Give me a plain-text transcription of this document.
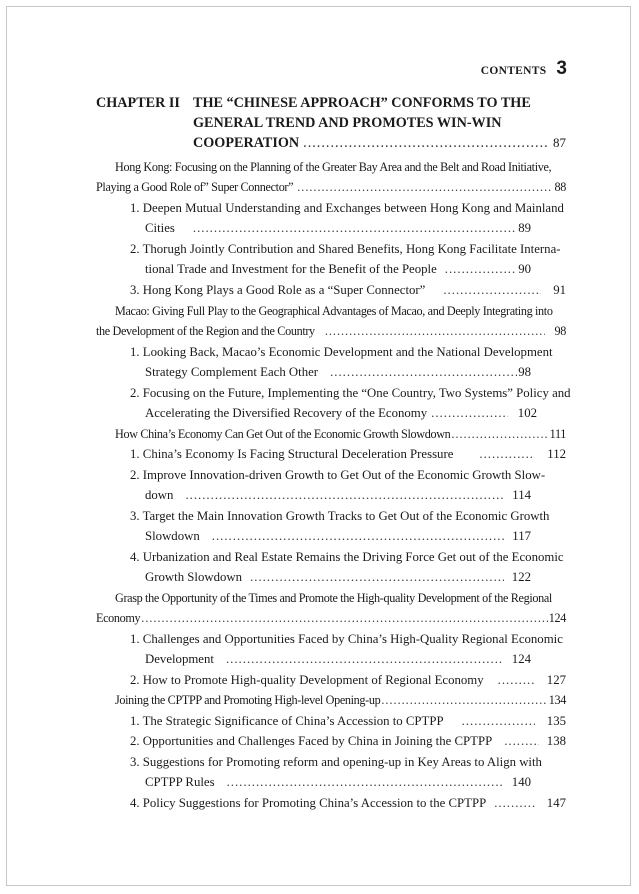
CONTENTS 3
CHAPTER II THE “CHINESE APPROACH” CONFORMS TO THE
GENERAL TREND AND PROMOTES WIN-WIN
COOPERATION .....	87
Hong Kong: Focusing on the Planning of the Greater Bay Area and the Belt and Road Initiative,
Playing a Good Role of” Super Connector” .....	88
1. Deepen Mutual Understanding and Exchanges between Hong Kong and Mainland
Cities .....	89
2. Thorugh Jointly Contribution and Shared Benefits, Hong Kong Facilitate Interna-
tional Trade and Investment for the Benefit of the People .....	90
3. Hong Kong Plays a Good Role as a “Super Connector” .....	91
Macao: Giving Full Play to the Geographical Advantages of Macao, and Deeply Integrating into
the Development of the Region and the Country .....	98
1. Looking Back, Macao’s Economic Development and the National Development
Strategy Complement Each Other .....	98
2. Focusing on the Future, Implementing the “One Country, Two Systems” Policy and
Accelerating the Diversified Recovery of the Economy .....	102
How China’s Economy Can Get Out of the Economic Growth Slowdown .....	111
1. China’s Economy Is Facing Structural Deceleration Pressure .....	112
2. Improve Innovation-driven Growth to Get Out of the Economic Growth Slow-
down .....	114
3. Target the Main Innovation Growth Tracks to Get Out of the Economic Growth
Slowdown .....	117
4. Urbanization and Real Estate Remains the Driving Force Get out of the Economic
Growth Slowdown .....	122
Grasp the Opportunity of the Times and Promote the High-quality Development of the Regional
Economy .....	124
1. Challenges and Opportunities Faced by China’s High-Quality Regional Economic
Development .....	124
2. How to Promote High-quality Development of Regional Economy .....	127
Joining the CPTPP and Promoting High-level Opening-up .....	134
1. The Strategic Significance of China’s Accession to CPTPP .....	135
2. Opportunities and Challenges Faced by China in Joining the CPTPP .....	138
3. Suggestions for Promoting reform and opening-up in Key Areas to Align with
CPTPP Rules .....	140
4. Policy Suggestions for Promoting China’s Accession to the CPTPP .....	147
